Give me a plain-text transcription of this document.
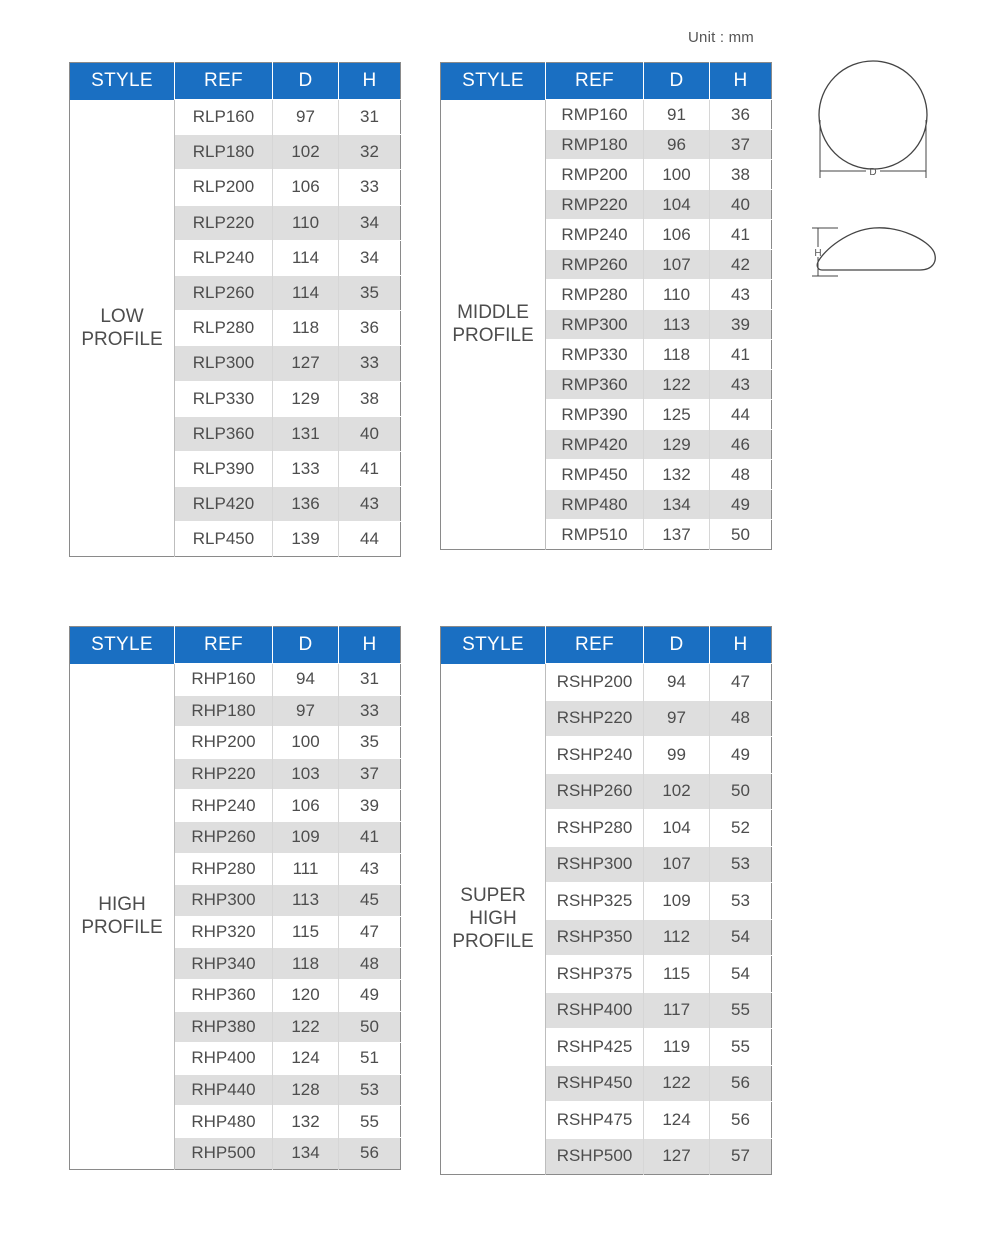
Unit : mm
STYLE	REF	D	H

LOW
PROFILE	RLP160	97	31
	RLP180	102	32
	RLP200	106	33
	RLP220	110	34
	RLP240	114	34
	RLP260	114	35
	RLP280	118	36
	RLP300	127	33
	RLP330	129	38
	RLP360	131	40
	RLP390	133	41
	RLP420	136	43
	RLP450	139	44
STYLE	REF	D	H

MIDDLE
PROFILE	RMP160	91	36
	RMP180	96	37
	RMP200	100	38
	RMP220	104	40
	RMP240	106	41
	RMP260	107	42
	RMP280	110	43
	RMP300	113	39
	RMP330	118	41
	RMP360	122	43
	RMP390	125	44
	RMP420	129	46
	RMP450	132	48
	RMP480	134	49
	RMP510	137	50
STYLE	REF	D	H

HIGH
PROFILE	RHP160	94	31
	RHP180	97	33
	RHP200	100	35
	RHP220	103	37
	RHP240	106	39
	RHP260	109	41
	RHP280	111	43
	RHP300	113	45
	RHP320	115	47
	RHP340	118	48
	RHP360	120	49
	RHP380	122	50
	RHP400	124	51
	RHP440	128	53
	RHP480	132	55
	RHP500	134	56
STYLE	REF	D	H

SUPER
HIGH
PROFILE	RSHP200	94	47
	RSHP220	97	48
	RSHP240	99	49
	RSHP260	102	50
	RSHP280	104	52
	RSHP300	107	53
	RSHP325	109	53
	RSHP350	112	54
	RSHP375	115	54
	RSHP400	117	55
	RSHP425	119	55
	RSHP450	122	56
	RSHP475	124	56
	RSHP500	127	57
D
H
